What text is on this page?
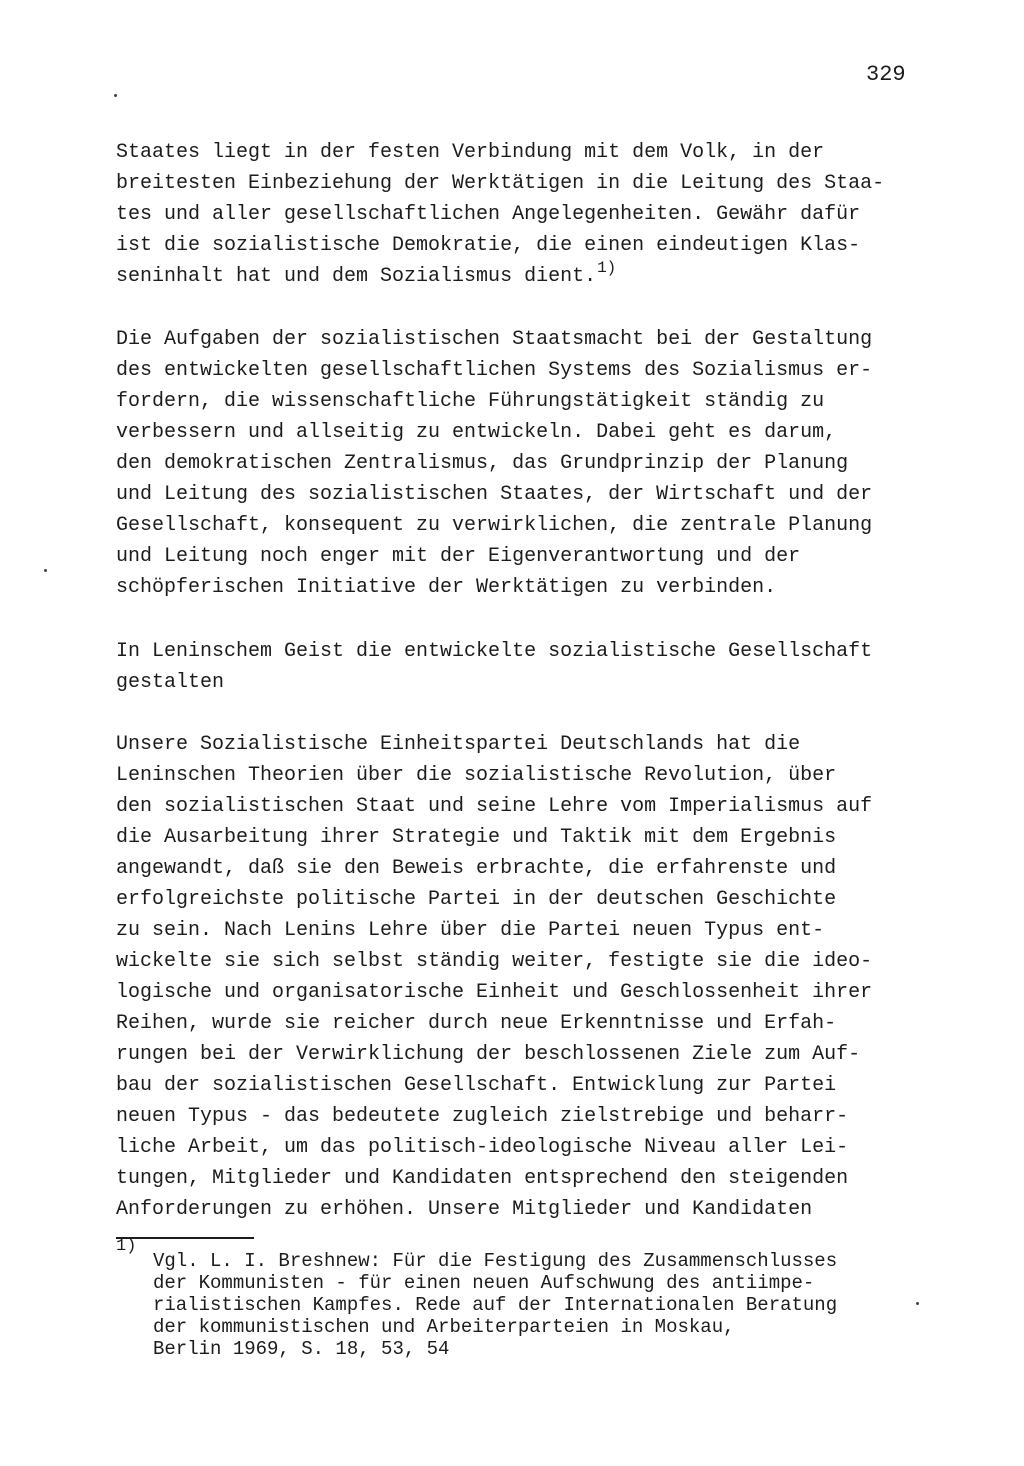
329
Staates liegt in der festen Verbindung mit dem Volk, in der
breitesten Einbeziehung der Werktätigen in die Leitung des Staa-
tes und aller gesellschaftlichen Angelegenheiten. Gewähr dafür
ist die sozialistische Demokratie, die einen eindeutigen Klas-
seninhalt hat und dem Sozialismus dient.$^{1)}$
Die Aufgaben der sozialistischen Staatsmacht bei der Gestaltung
des entwickelten gesellschaftlichen Systems des Sozialismus er-
fordern, die wissenschaftliche Führungstätigkeit ständig zu
verbessern und allseitig zu entwickeln. Dabei geht es darum,
den demokratischen Zentralismus, das Grundprinzip der Planung
und Leitung des sozialistischen Staates, der Wirtschaft und der
Gesellschaft, konsequent zu verwirklichen, die zentrale Planung
und Leitung noch enger mit der Eigenverantwortung und der
schöpferischen Initiative der Werktätigen zu verbinden.
In Leninschem Geist die entwickelte sozialistische Gesellschaft
gestalten
Unsere Sozialistische Einheitspartei Deutschlands hat die
Leninschen Theorien über die sozialistische Revolution, über
den sozialistischen Staat und seine Lehre vom Imperialismus auf
die Ausarbeitung ihrer Strategie und Taktik mit dem Ergebnis
angewandt, daß sie den Beweis erbrachte, die erfahrenste und
erfolgreichste politische Partei in der deutschen Geschichte
zu sein. Nach Lenins Lehre über die Partei neuen Typus ent-
wickelte sie sich selbst ständig weiter, festigte sie die ideo-
logische und organisatorische Einheit und Geschlossenheit ihrer
Reihen, wurde sie reicher durch neue Erkenntnisse und Erfah-
rungen bei der Verwirklichung der beschlossenen Ziele zum Auf-
bau der sozialistischen Gesellschaft. Entwicklung zur Partei
neuen Typus - das bedeutete zugleich zielstrebige und beharr-
liche Arbeit, um das politisch-ideologische Niveau aller Lei-
tungen, Mitglieder und Kandidaten entsprechend den steigenden
Anforderungen zu erhöhen. Unsere Mitglieder und Kandidaten
1)
Vgl. L. I. Breshnew: Für die Festigung des Zusammenschlusses
der Kommunisten - für einen neuen Aufschwung des antiimpe-
rialistischen Kampfes. Rede auf der Internationalen Beratung
der kommunistischen und Arbeiterparteien in Moskau,
Berlin 1969, S. 18, 53, 54
